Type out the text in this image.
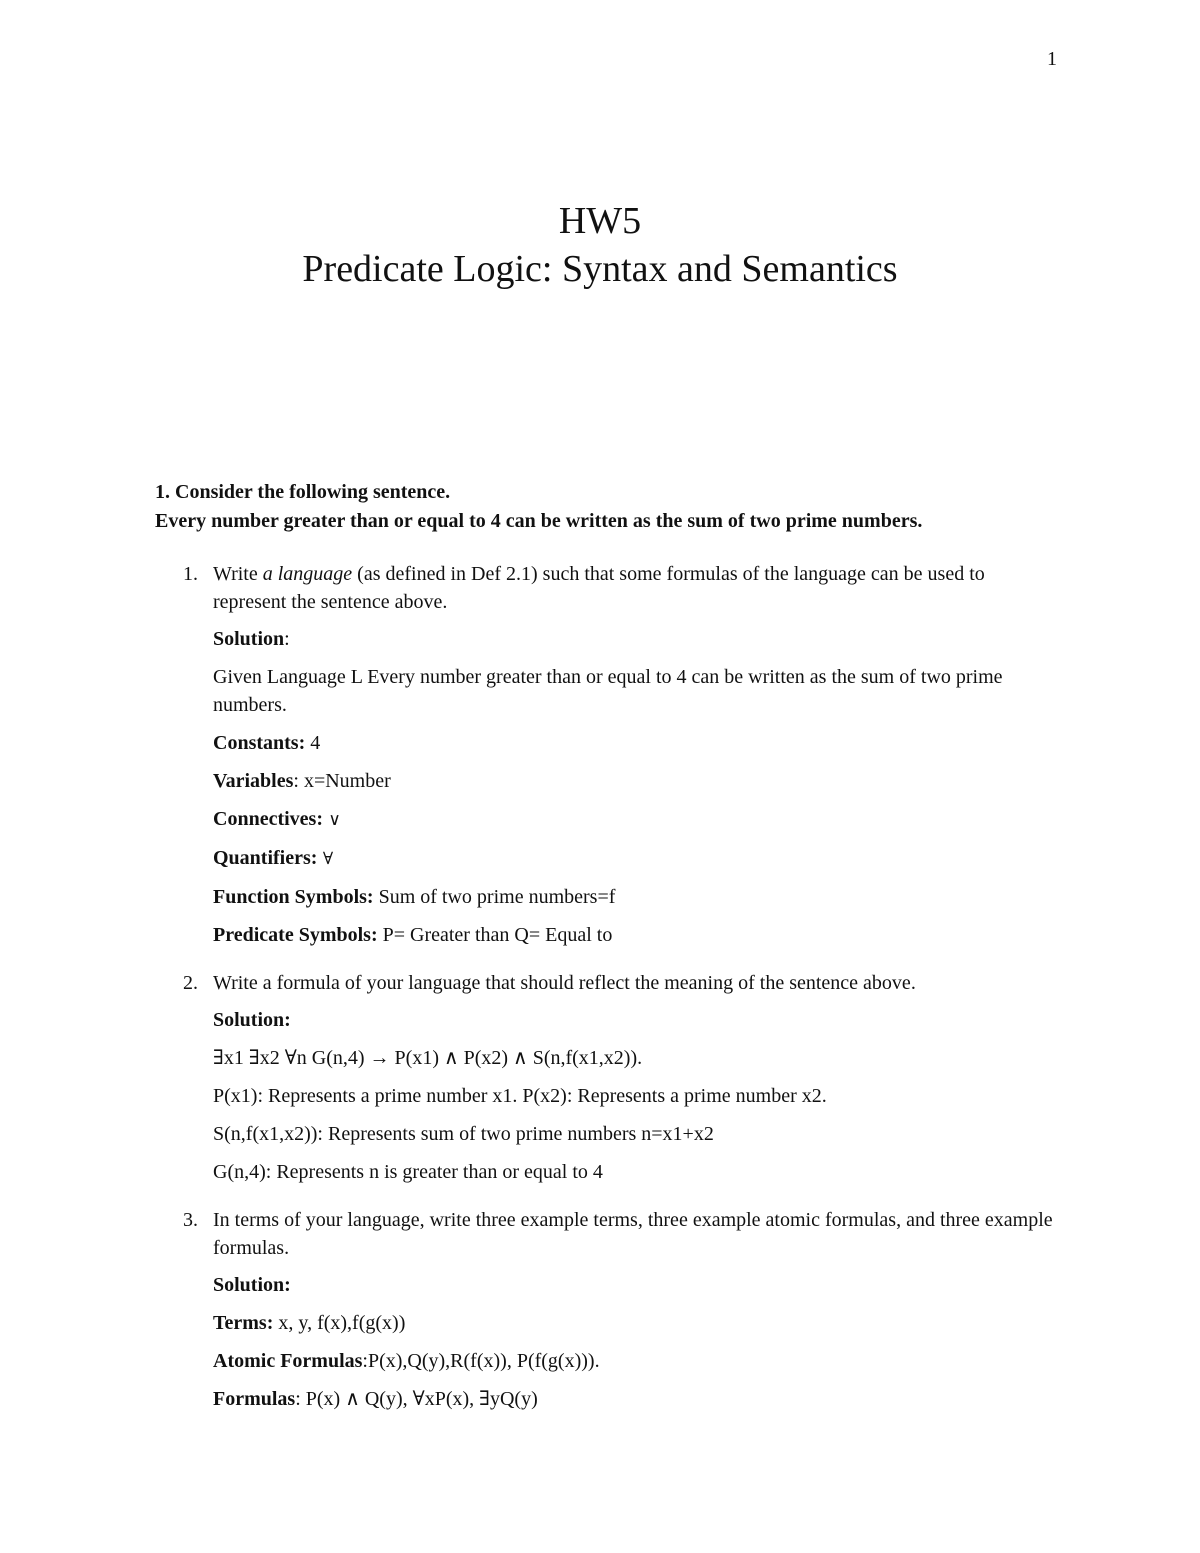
1
HW5
Predicate Logic: Syntax and Semantics
1. Consider the following sentence.
Every number greater than or equal to 4 can be written as the sum of two prime numbers.
1. Write a language (as defined in Def 2.1) such that some formulas of the language can be used to represent the sentence above.

Solution:

Given Language L Every number greater than or equal to 4 can be written as the sum of two prime numbers.

Constants: 4

Variables: x=Number

Connectives: ∨

Quantifiers: ∀

Function Symbols: Sum of two prime numbers=f

Predicate Symbols: P= Greater than Q= Equal to

2. Write a formula of your language that should reflect the meaning of the sentence above.

Solution:

∃x1 ∃x2 ∀n G(n,4) → P(x1) ∧ P(x2) ∧ S(n,f(x1,x2)).

P(x1): Represents a prime number x1. P(x2): Represents a prime number x2.

S(n,f(x1,x2)): Represents sum of two prime numbers n=x1+x2

G(n,4): Represents n is greater than or equal to 4

3. In terms of your language, write three example terms, three example atomic formulas, and three example formulas.

Solution:

Terms: x, y, f(x),f(g(x))

Atomic Formulas:P(x),Q(y),R(f(x)), P(f(g(x))).

Formulas: P(x) ∧ Q(y), ∀xP(x), ∃yQ(y)
